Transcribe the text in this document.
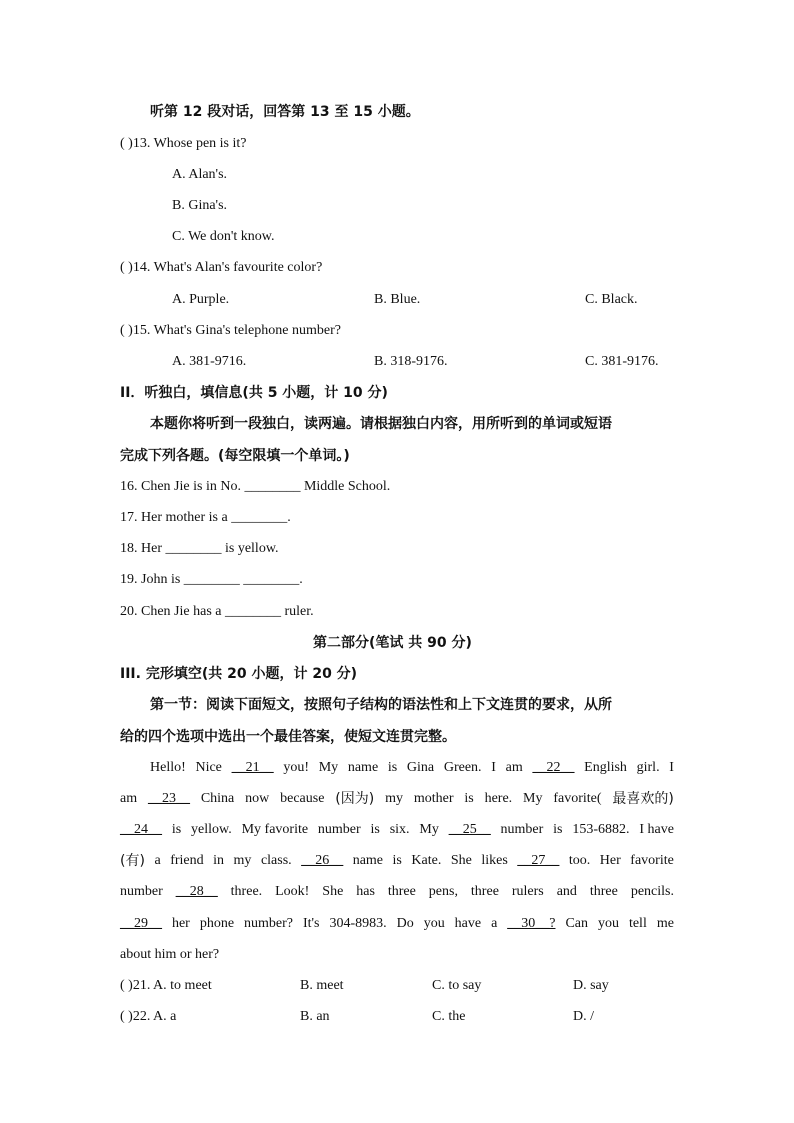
听第 12 段对话，回答第 13 至 15 小题。
( )13. Whose pen is it?
A. Alan's.
B. Gina's.
C. We don't know.
( )14. What's Alan's favourite color?
A. Purple.	B. Blue.	C. Black.
( )15. What's Gina's telephone number?
A. 381-9716.	B. 318-9176.	C. 381-9176.
II．听独白，填信息(共 5 小题，计 10 分)
本题你将听到一段独白，读两遍。请根据独白内容，用所听到的单词或短语
完成下列各题。(每空限填一个单词。)
16. Chen Jie is in No. ________ Middle School.
17. Her mother is a ________.
18. Her ________ is yellow.
19. John is ________ ________.
20. Chen Jie has a ________ ruler.
第二部分(笔试 共 90 分)
III. 完形填空(共 20 小题，计 20 分)
第一节：阅读下面短文，按照句子结构的语法性和上下文连贯的要求，从所
给的四个选项中选出一个最佳答案，使短文连贯完整。
Hello! Nice __21__ you! My name is Gina Green. I am __22__ English girl. I
am __23__ China now because (因为) my mother is here. My favorite( 最喜欢的)
__24__ is yellow. My favorite number is six. My __25__ number is 153-6882. I have
(有) a friend in my class. __26__ name is Kate. She likes __27__ too. Her favorite
number __28__ three. Look! She has three pens, three rulers and three pencils.
__29__ her phone number? It's 304-8983. Do you have a __30__? Can you tell me
about him or her?
( )21. A. to meet	B. meet	C. to say	D. say
( )22. A. a	B. an	C. the	D. /
